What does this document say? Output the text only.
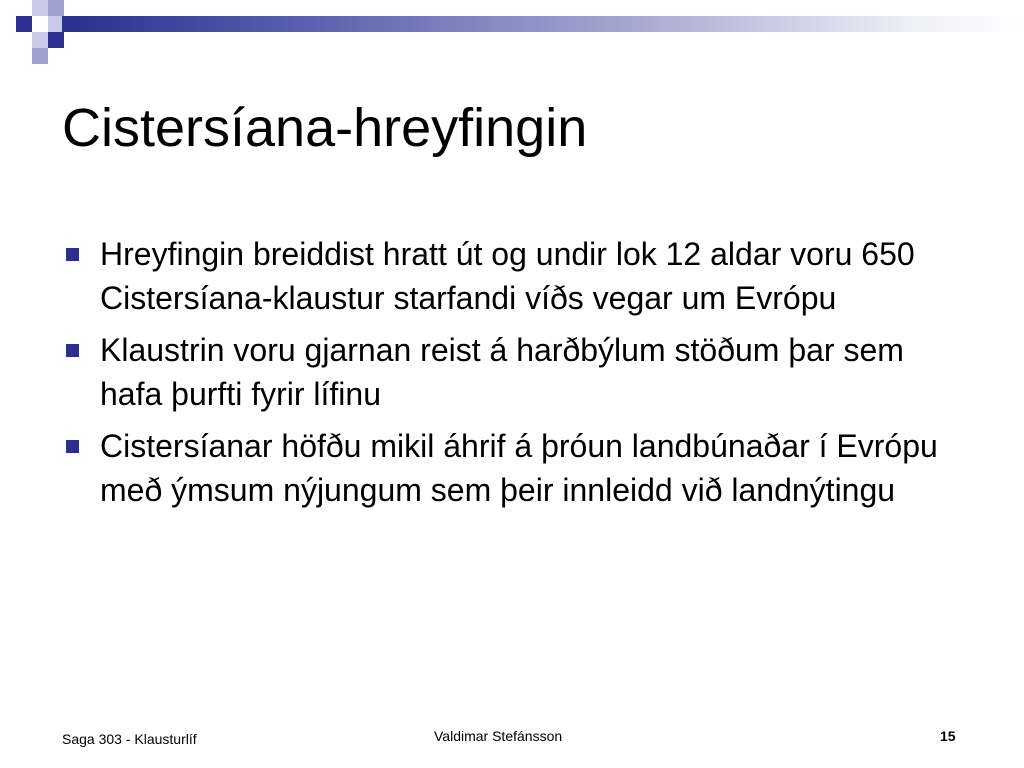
Cistersíana-hreyfingin
Hreyfingin breiddist hratt út og undir lok 12 aldar voru 650 Cistersíana-klaustur starfandi víðs vegar um Evrópu
Klaustrin voru gjarnan reist á harðbýlum stöðum þar sem hafa þurfti fyrir lífinu
Cistersíanar höfðu mikil áhrif á þróun landbúnaðar í Evrópu með ýmsum nýjungum sem þeir innleidd við landnýtingu
Saga 303 - Klausturlíf	Valdimar Stefánsson	15
